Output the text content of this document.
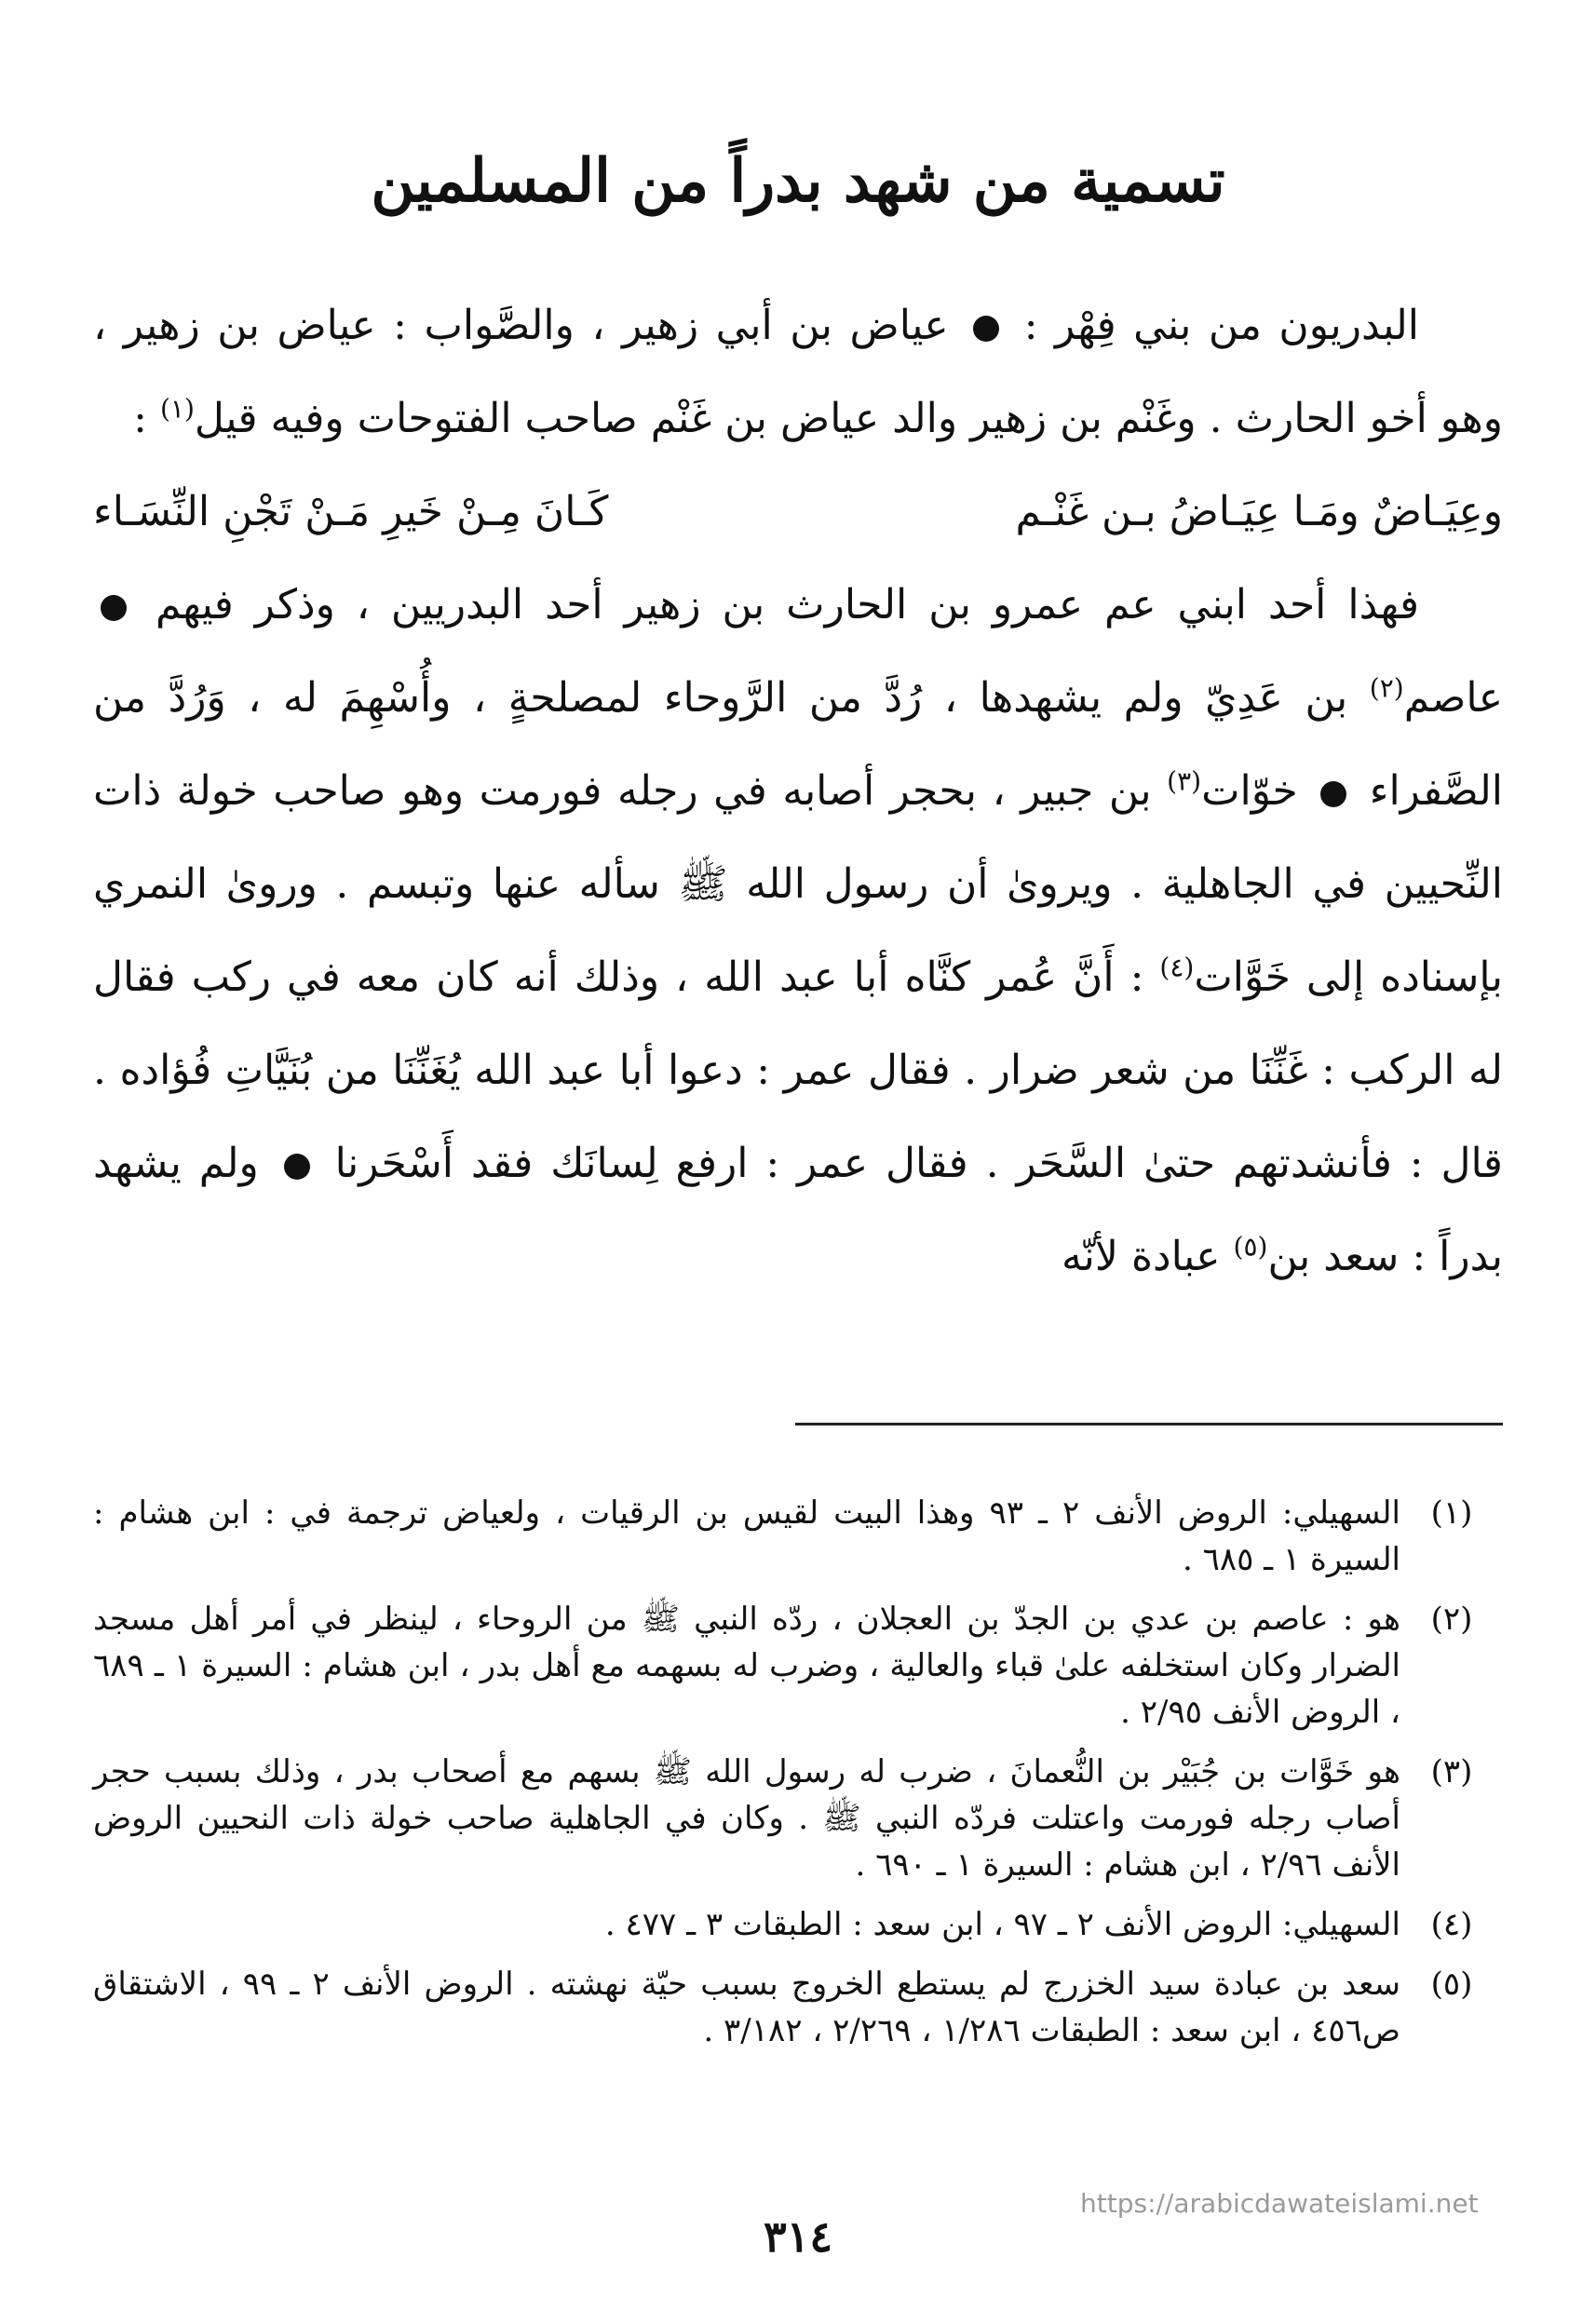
تسمية من شهد بدراً من المسلمين

البدريون من بني فِهْر :  عياض بن أبي زهير ، والصَّواب : عياض بن زهير ، وهو أخو الحارث . وغَنْم بن زهير والد عياض بن غَنْم صاحب الفتوحات وفيه قيل$^{(١)}$ :

وعِيَـاضٌ ومَـا عِيَـاضُ بـن غَنْـم
كَـانَ مِـنْ خَيرِ مَـنْ تَجْنِ النِّسَـاء

فهذا أحد ابني عم عمرو بن الحارث بن زهير أحد البدريين ، وذكر فيهم  عاصم$^{(٢)}$ بن عَدِيّ ولم يشهدها ، رُدَّ من الرَّوحاء لمصلحةٍ ، وأُسْهِمَ له ، وَرُدَّ من الصَّفراء  خوّات$^{(٣)}$ بن جبير ، بحجر أصابه في رجله فورمت وهو صاحب خولة ذات النِّحيين في الجاهلية . ويروىٰ أن رسول الله ﷺ سأله عنها وتبسم . وروىٰ النمري بإسناده إلى خَوَّات$^{(٤)}$ : أَنَّ عُمر كنَّاه أبا عبد الله ، وذلك أنه كان معه في ركب فقال له الركب : غَنِّنَا من شعر ضرار . فقال عمر : دعوا أبا عبد الله يُغَنِّنَا من بُنَيَّاتِ فُؤاده . قال : فأنشدتهم حتىٰ السَّحَر . فقال عمر : ارفع لِسانَك فقد أَسْحَرنا  ولم يشهد بدراً : سعد بن$^{(٥)}$ عبادة لأنّه

(١)
السهيلي: الروض الأنف ٢ ـ ٩٣ وهذا البيت لقيس بن الرقيات ، ولعياض ترجمة في : ابن هشام : السيرة ١ ـ ٦٨٥ .
(٢)
هو : عاصم بن عدي بن الجدّ بن العجلان ، ردّه النبي ﷺ من الروحاء ، لينظر في أمر أهل مسجد الضرار وكان استخلفه علىٰ قباء والعالية ، وضرب له بسهمه مع أهل بدر ، ابن هشام : السيرة ١ ـ ٦٨٩ ، الروض الأنف ٢/٩٥ .
(٣)
هو خَوَّات بن جُبَيْر بن النُّعمانَ ، ضرب له رسول الله ﷺ بسهم مع أصحاب بدر ، وذلك بسبب حجر أصاب رجله فورمت واعتلت فردّه النبي ﷺ . وكان في الجاهلية صاحب خولة ذات النحيين الروض الأنف ٢/٩٦ ، ابن هشام : السيرة ١ ـ ٦٩٠ .
(٤)
السهيلي: الروض الأنف ٢ ـ ٩٧ ، ابن سعد : الطبقات ٣ ـ ٤٧٧ .
(٥)
سعد بن عبادة سيد الخزرج لم يستطع الخروج بسبب حيّة نهشته . الروض الأنف ٢ ـ ٩٩ ، الاشتقاق ص٤٥٦ ، ابن سعد : الطبقات ١/٢٨٦ ، ٢/٢٦٩ ، ٣/١٨٢ .
https://arabicdawateislami.net
٣١٤
